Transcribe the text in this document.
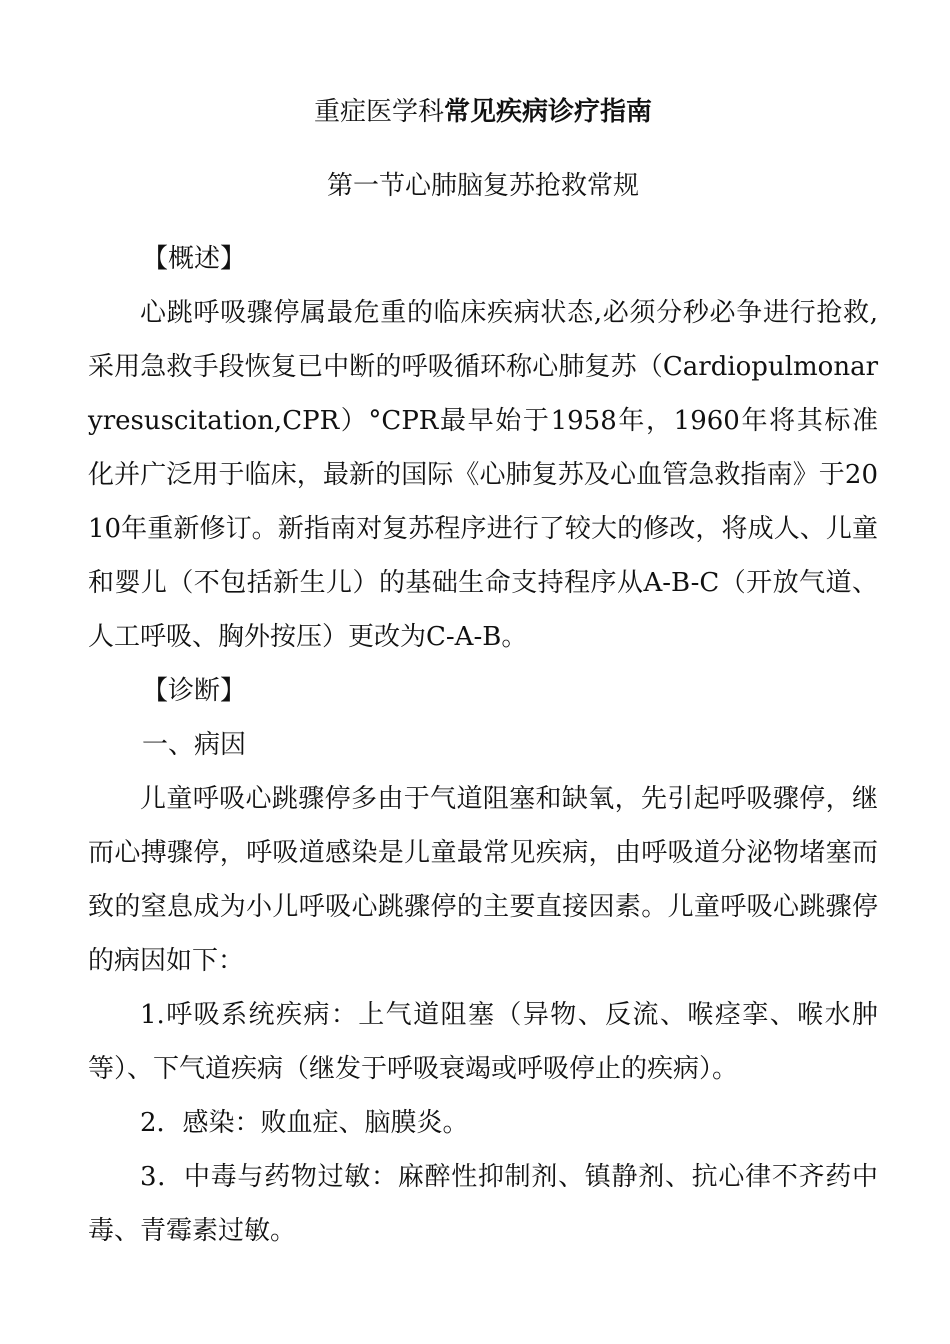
重症医学科常见疾病诊疗指南
第一节心肺脑复苏抢救常规

【概述】

心跳呼吸骤停属最危重的临床疾病状态,必须分秒必争进行抢救,采用急救手段恢复已中断的呼吸循环称心肺复苏（Cardiopulmonaryresuscitation,CPR）°CPR最早始于1958年，1960年将其标准化并广泛用于临床，最新的国际《心肺复苏及心血管急救指南》于2010年重新修订。新指南对复苏程序进行了较大的修改，将成人、儿童和婴儿（不包括新生儿）的基础生命支持程序从A-B-C（开放气道、人工呼吸、胸外按压）更改为C-A-B。

【诊断】

一、病因

儿童呼吸心跳骤停多由于气道阻塞和缺氧，先引起呼吸骤停，继而心搏骤停，呼吸道感染是儿童最常见疾病，由呼吸道分泌物堵塞而致的窒息成为小儿呼吸心跳骤停的主要直接因素。儿童呼吸心跳骤停的病因如下：

1.呼吸系统疾病：上气道阻塞（异物、反流、喉痉挛、喉水肿等）、下气道疾病（继发于呼吸衰竭或呼吸停止的疾病）。

2．感染：败血症、脑膜炎。

3．中毒与药物过敏：麻醉性抑制剂、镇静剂、抗心律不齐药中毒、青霉素过敏。
